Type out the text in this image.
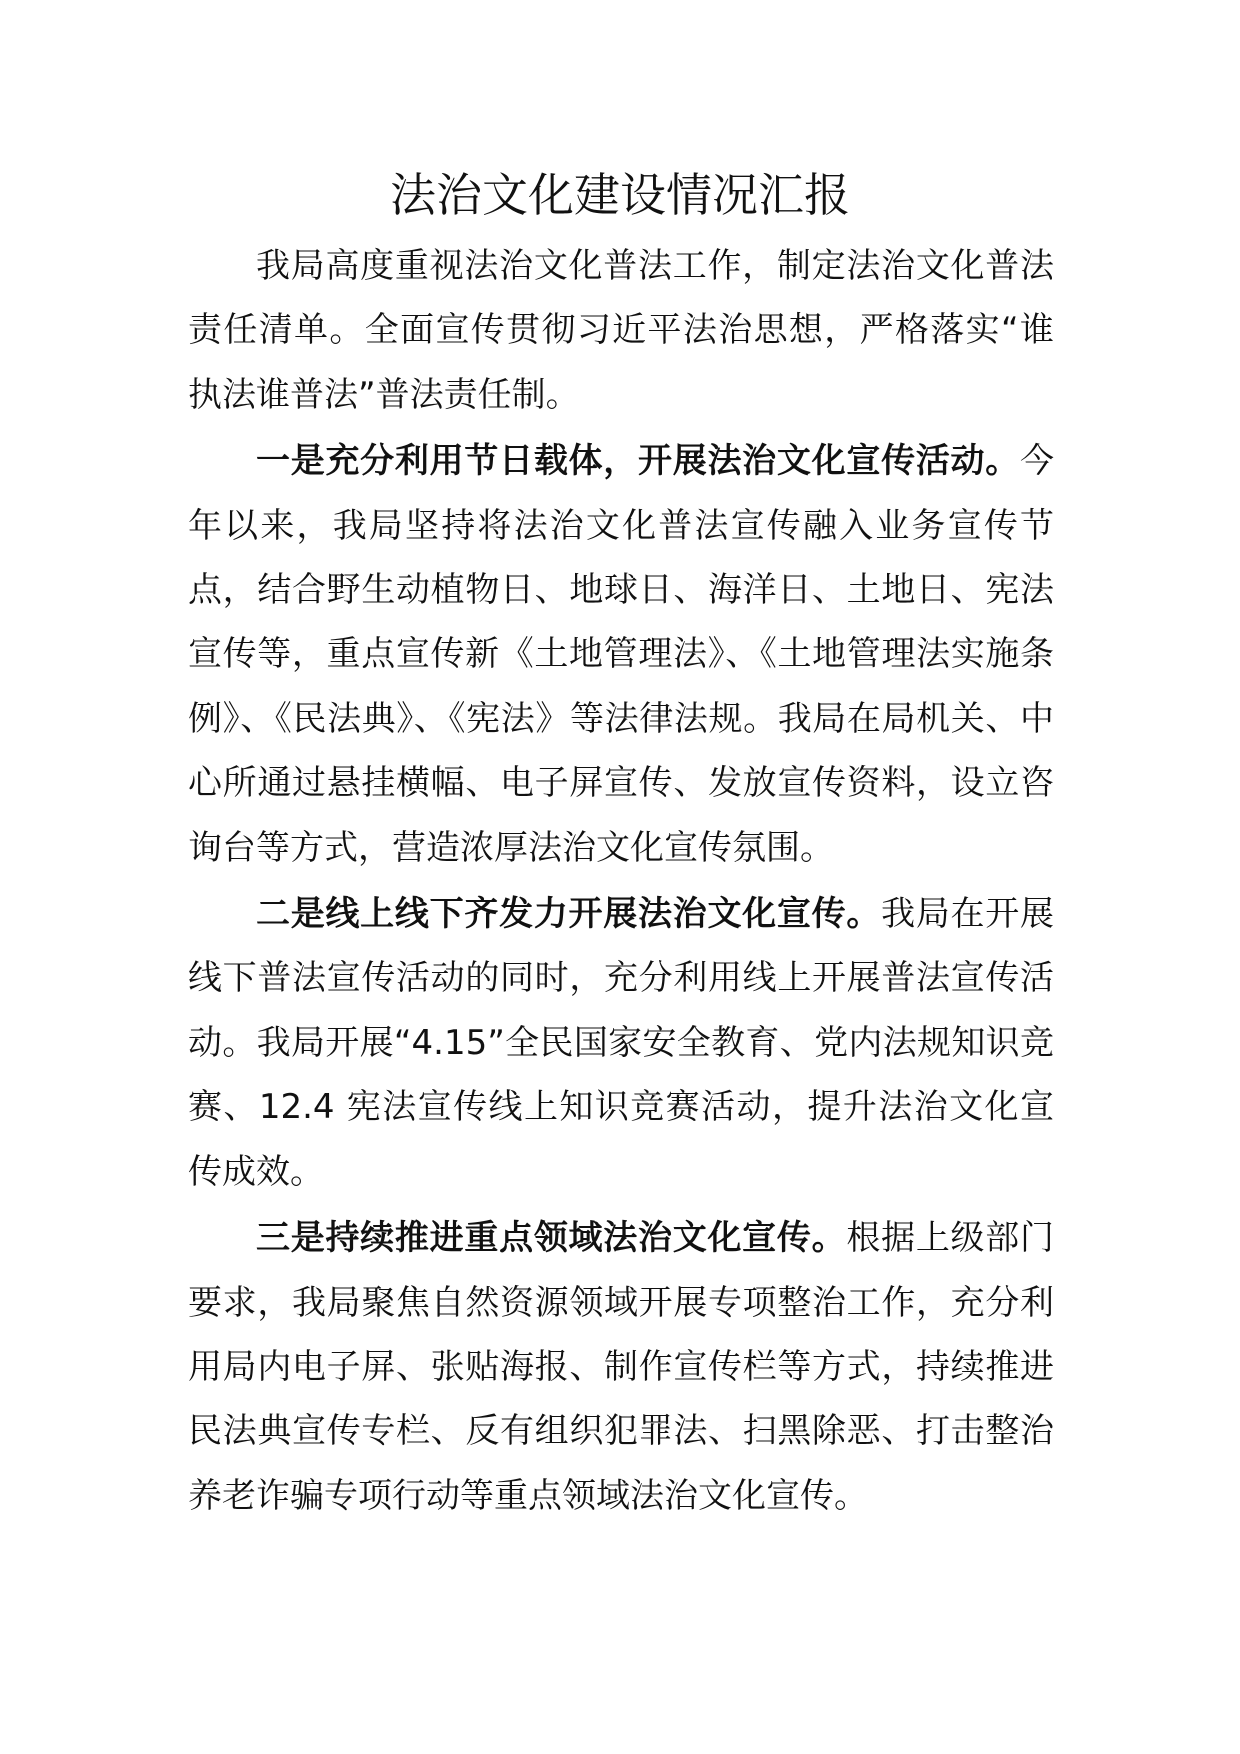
法治文化建设情况汇报

我局高度重视法治文化普法工作，制定法治文化普法责任清单。全面宣传贯彻习近平法治思想，严格落实“谁执法谁普法”普法责任制。

一是充分利用节日载体，开展法治文化宣传活动。今年以来，我局坚持将法治文化普法宣传融入业务宣传节点，结合野生动植物日、地球日、海洋日、土地日、宪法宣传等，重点宣传新《土地管理法》、《土地管理法实施条例》、《民法典》、《宪法》等法律法规。我局在局机关、中心所通过悬挂横幅、电子屏宣传、发放宣传资料，设立咨询台等方式，营造浓厚法治文化宣传氛围。

二是线上线下齐发力开展法治文化宣传。我局在开展线下普法宣传活动的同时，充分利用线上开展普法宣传活动。我局开展“4.15”全民国家安全教育、党内法规知识竞赛、12.4 宪法宣传线上知识竞赛活动，提升法治文化宣传成效。

三是持续推进重点领域法治文化宣传。根据上级部门要求，我局聚焦自然资源领域开展专项整治工作，充分利用局内电子屏、张贴海报、制作宣传栏等方式，持续推进民法典宣传专栏、反有组织犯罪法、扫黑除恶、打击整治养老诈骗专项行动等重点领域法治文化宣传。
